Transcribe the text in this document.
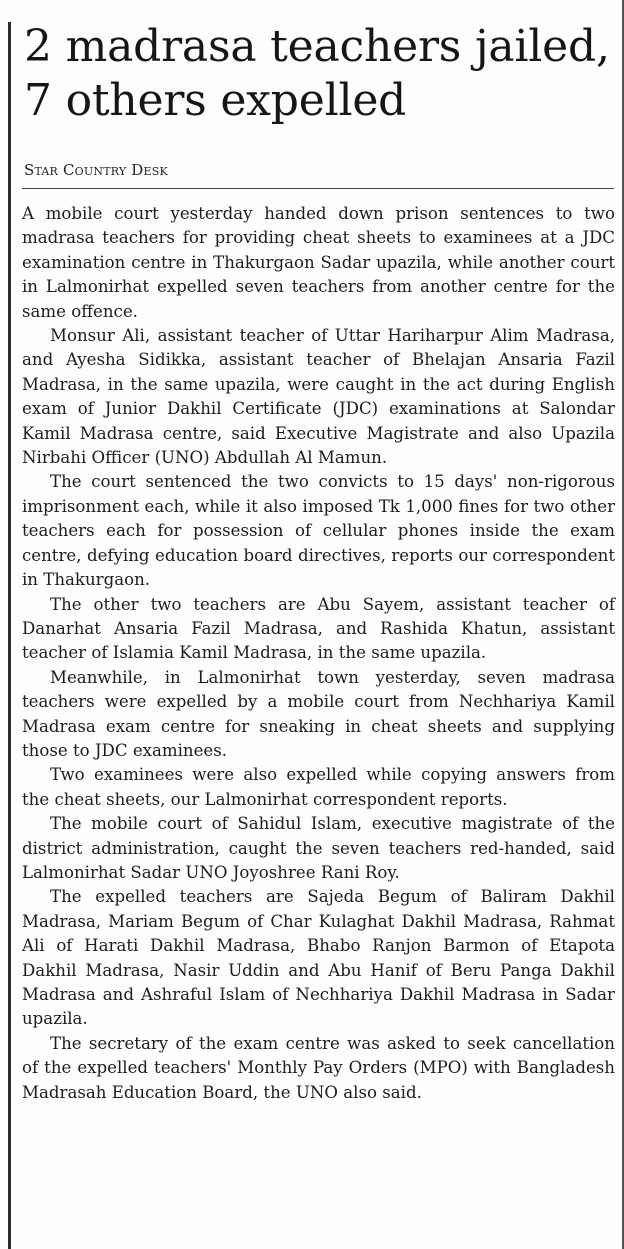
2 madrasa teachers jailed, 7 others expelled
Star Country Desk

A mobile court yesterday handed down prison sentences to two madrasa teachers for providing cheat sheets to examinees at a JDC examination centre in Thakurgaon Sadar upazila, while another court in Lalmonirhat expelled seven teachers from another centre for the same offence.

Monsur Ali, assistant teacher of Uttar Hariharpur Alim Madrasa, and Ayesha Sidikka, assistant teacher of Bhelajan Ansaria Fazil Madrasa, in the same upazila, were caught in the act during English exam of Junior Dakhil Certificate (JDC) examinations at Salondar Kamil Madrasa centre, said Executive Magistrate and also Upazila Nirbahi Officer (UNO) Abdullah Al Mamun.

The court sentenced the two convicts to 15 days' non-rigorous imprisonment each, while it also imposed Tk 1,000 fines for two other teachers each for possession of cellular phones inside the exam centre, defying education board directives, reports our correspondent in Thakurgaon.

The other two teachers are Abu Sayem, assistant teacher of Danarhat Ansaria Fazil Madrasa, and Rashida Khatun, assistant teacher of Islamia Kamil Madrasa, in the same upazila.

Meanwhile, in Lalmonirhat town yesterday, seven madrasa teachers were expelled by a mobile court from Nechhariya Kamil Madrasa exam centre for sneaking in cheat sheets and supplying those to JDC examinees.

Two examinees were also expelled while copying answers from the cheat sheets, our Lalmonirhat correspondent reports.

The mobile court of Sahidul Islam, executive magistrate of the district administration, caught the seven teachers red-handed, said Lalmonirhat Sadar UNO Joyoshree Rani Roy.

The expelled teachers are Sajeda Begum of Baliram Dakhil Madrasa, Mariam Begum of Char Kulaghat Dakhil Madrasa, Rahmat Ali of Harati Dakhil Madrasa, Bhabo Ranjon Barmon of Etapota Dakhil Madrasa, Nasir Uddin and Abu Hanif of Beru Panga Dakhil Madrasa and Ashraful Islam of Nechhariya Dakhil Madrasa in Sadar upazila.

The secretary of the exam centre was asked to seek cancellation of the expelled teachers' Monthly Pay Orders (MPO) with Bangladesh Madrasah Education Board, the UNO also said.
